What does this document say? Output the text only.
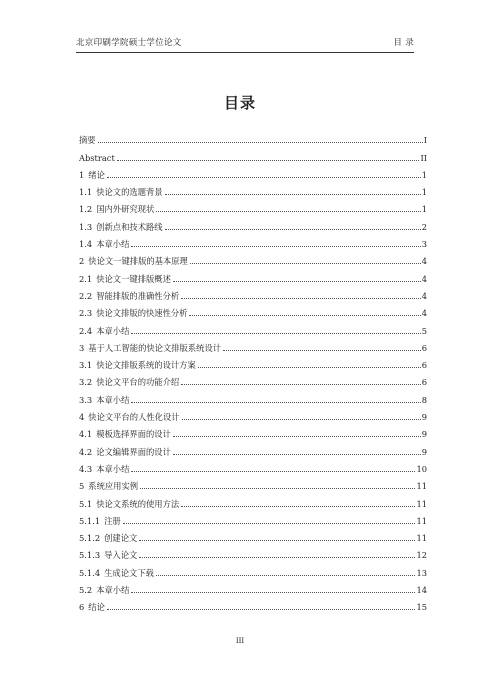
北京印刷学院硕士学位论文	目 录
目录
摘要	I
Abstract	II
1 绪论	1
1.1 快论文的选题背景	1
1.2 国内外研究现状	1
1.3 创新点和技术路线	2
1.4 本章小结	3
2 快论文一键排版的基本原理	4
2.1 快论文一键排版概述	4
2.2 智能排版的准确性分析	4
2.3 快论文排版的快速性分析	4
2.4 本章小结	5
3 基于人工智能的快论文排版系统设计	6
3.1 快论文排版系统的设计方案	6
3.2 快论文平台的功能介绍	6
3.3 本章小结	8
4 快论文平台的人性化设计	9
4.1 模板选择界面的设计	9
4.2 论文编辑界面的设计	9
4.3 本章小结	10
5 系统应用实例	11
5.1 快论文系统的使用方法	11
5.1.1 注册	11
5.1.2 创建论文	11
5.1.3 导入论文	12
5.1.4 生成论文下载	13
5.2 本章小结	14
6 结论	15
III
